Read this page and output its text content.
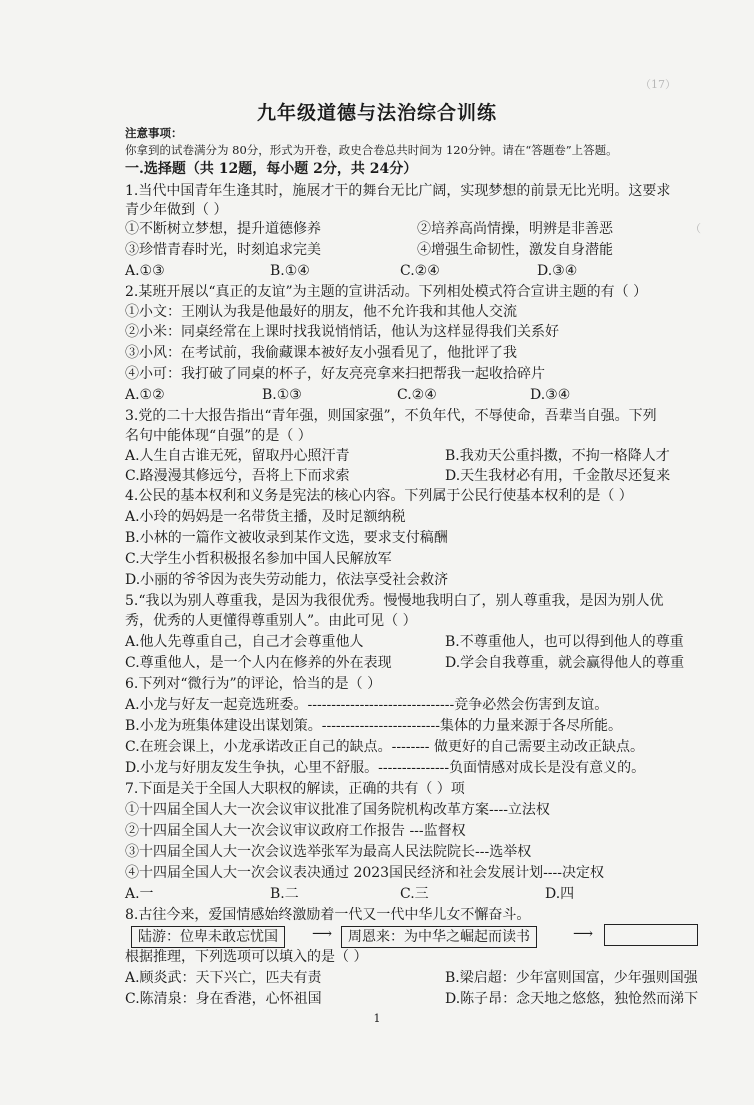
（17）
（
九年级道德与法治综合训练
注意事项：
你拿到的试卷满分为 80分，形式为开卷，政史合卷总共时间为 120分钟。请在“答题卷”上答题。
一.选择题（共 12题，每小题 2分，共 24分）
1.当代中国青年生逢其时，施展才干的舞台无比广阔，实现梦想的前景无比光明。这要求
青少年做到（ ）
①不断树立梦想，提升道德修养	②培养高尚情操，明辨是非善恶
③珍惜青春时光，时刻追求完美	④增强生命韧性，激发自身潜能
A.①③	B.①④	C.②④	D.③④
2.某班开展以“真正的友谊”为主题的宣讲活动。下列相处模式符合宣讲主题的有（ ）
①小文：王刚认为我是他最好的朋友，他不允许我和其他人交流
②小米：同桌经常在上课时找我说悄悄话，他认为这样显得我们关系好
③小风：在考试前，我偷藏课本被好友小强看见了，他批评了我
④小可：我打破了同桌的杯子，好友亮亮拿来扫把帮我一起收拾碎片
A.①②	B.①③	C.②④	D.③④
3.党的二十大报告指出“青年强，则国家强”，不负年代，不辱使命，吾辈当自强。下列
名句中能体现“自强”的是（ ）
A.人生自古谁无死，留取丹心照汗青	B.我劝天公重抖擞，不拘一格降人才
C.路漫漫其修远兮，吾将上下而求索	D.天生我材必有用，千金散尽还复来
4.公民的基本权利和义务是宪法的核心内容。下列属于公民行使基本权利的是（ ）
A.小玲的妈妈是一名带货主播，及时足额纳税
B.小林的一篇作文被收录到某作文选，要求支付稿酬
C.大学生小哲积极报名参加中国人民解放军
D.小丽的爷爷因为丧失劳动能力，依法享受社会救济
5.“我以为别人尊重我，是因为我很优秀。慢慢地我明白了，别人尊重我，是因为别人优
秀，优秀的人更懂得尊重别人”。由此可见（ ）
A.他人先尊重自己，自己才会尊重他人	B.不尊重他人，也可以得到他人的尊重
C.尊重他人，是一个人内在修养的外在表现	D.学会自我尊重，就会赢得他人的尊重
6.下列对“微行为”的评论，恰当的是（ ）
A.小龙与好友一起竞选班委。-------------------------------竞争必然会伤害到友谊。
B.小龙为班集体建设出谋划策。-------------------------集体的力量来源于各尽所能。
C.在班会课上，小龙承诺改正自己的缺点。-------- 做更好的自己需要主动改正缺点。
D.小龙与好朋友发生争执，心里不舒服。---------------负面情感对成长是没有意义的。
7.下面是关于全国人大职权的解读，正确的共有（ ）项
①十四届全国人大一次会议审议批准了国务院机构改革方案----立法权
②十四届全国人大一次会议审议政府工作报告 ---监督权
③十四届全国人大一次会议选举张军为最高人民法院院长---选举权
④十四届全国人大一次会议表决通过 2023国民经济和社会发展计划----决定权
A.一	B.二	C.三	D.四
8.古往今来，爱国情感始终激励着一代又一代中华儿女不懈奋斗。
陆游：位卑未敢忘忧国	⟶	周恩来：为中华之崛起而读书	⟶
根据推理，下列选项可以填入的是（ ）
A.顾炎武：天下兴亡，匹夫有责	B.梁启超：少年富则国富，少年强则国强
C.陈清泉：身在香港，心怀祖国	D.陈子昂：念天地之悠悠，独怆然而涕下
1
